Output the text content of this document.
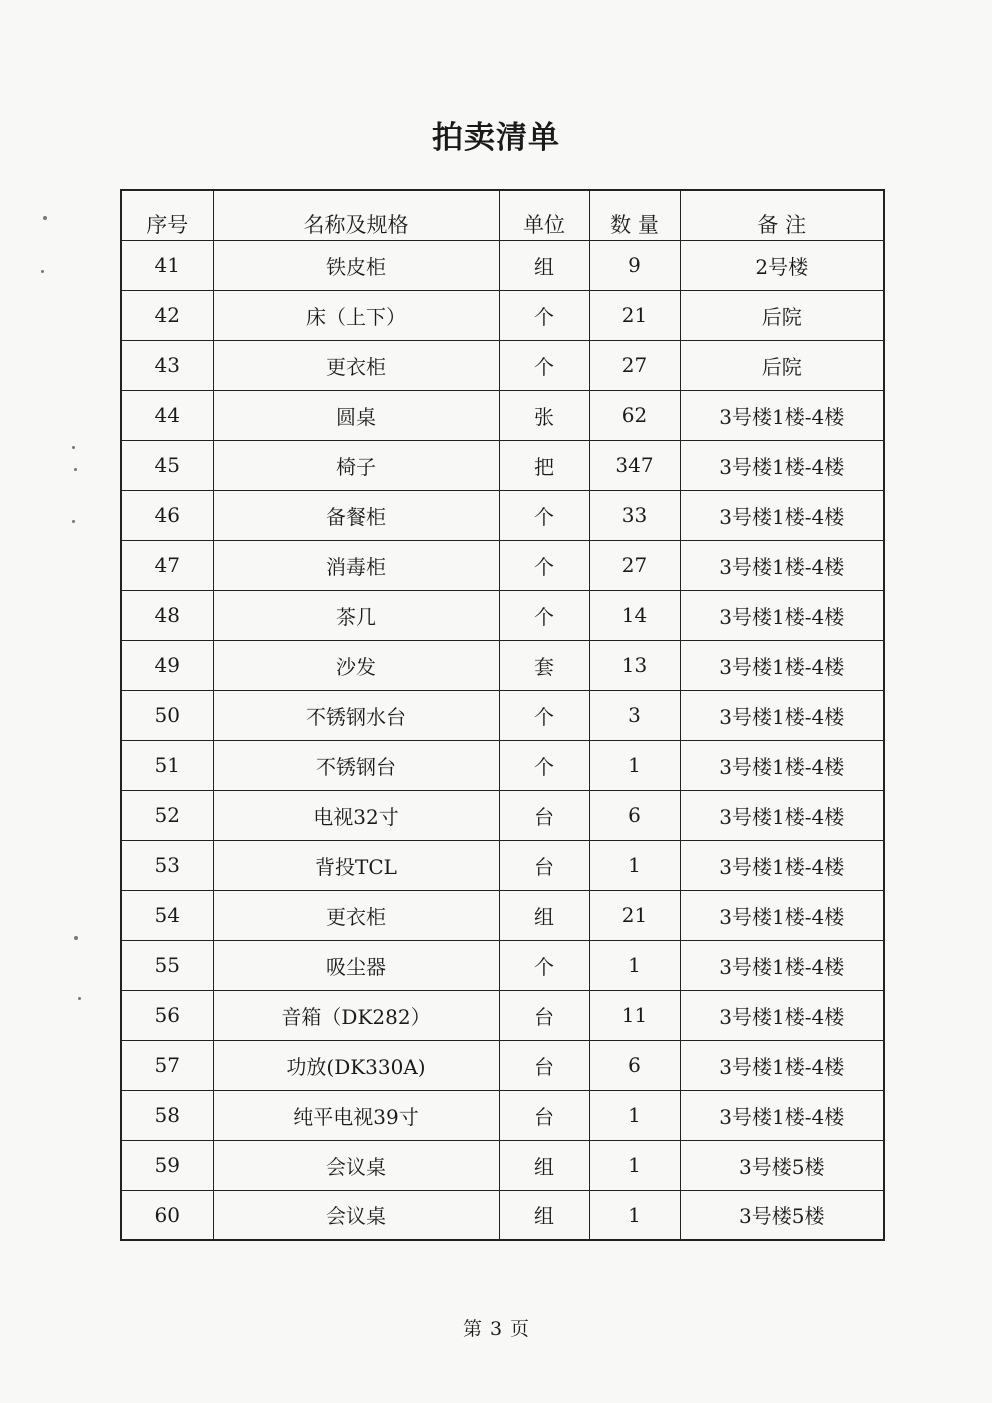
拍卖清单
序号	名称及规格	单位	数 量	备 注
41	铁皮柜	组	9	2号楼
42	床（上下）	个	21	后院
43	更衣柜	个	27	后院
44	圆桌	张	62	3号楼1楼-4楼
45	椅子	把	347	3号楼1楼-4楼
46	备餐柜	个	33	3号楼1楼-4楼
47	消毒柜	个	27	3号楼1楼-4楼
48	茶几	个	14	3号楼1楼-4楼
49	沙发	套	13	3号楼1楼-4楼
50	不锈钢水台	个	3	3号楼1楼-4楼
51	不锈钢台	个	1	3号楼1楼-4楼
52	电视32寸	台	6	3号楼1楼-4楼
53	背投TCL	台	1	3号楼1楼-4楼
54	更衣柜	组	21	3号楼1楼-4楼
55	吸尘器	个	1	3号楼1楼-4楼
56	音箱（DK282）	台	11	3号楼1楼-4楼
57	功放(DK330A)	台	6	3号楼1楼-4楼
58	纯平电视39寸	台	1	3号楼1楼-4楼
59	会议桌	组	1	3号楼5楼
60	会议桌	组	1	3号楼5楼
第 3 页
